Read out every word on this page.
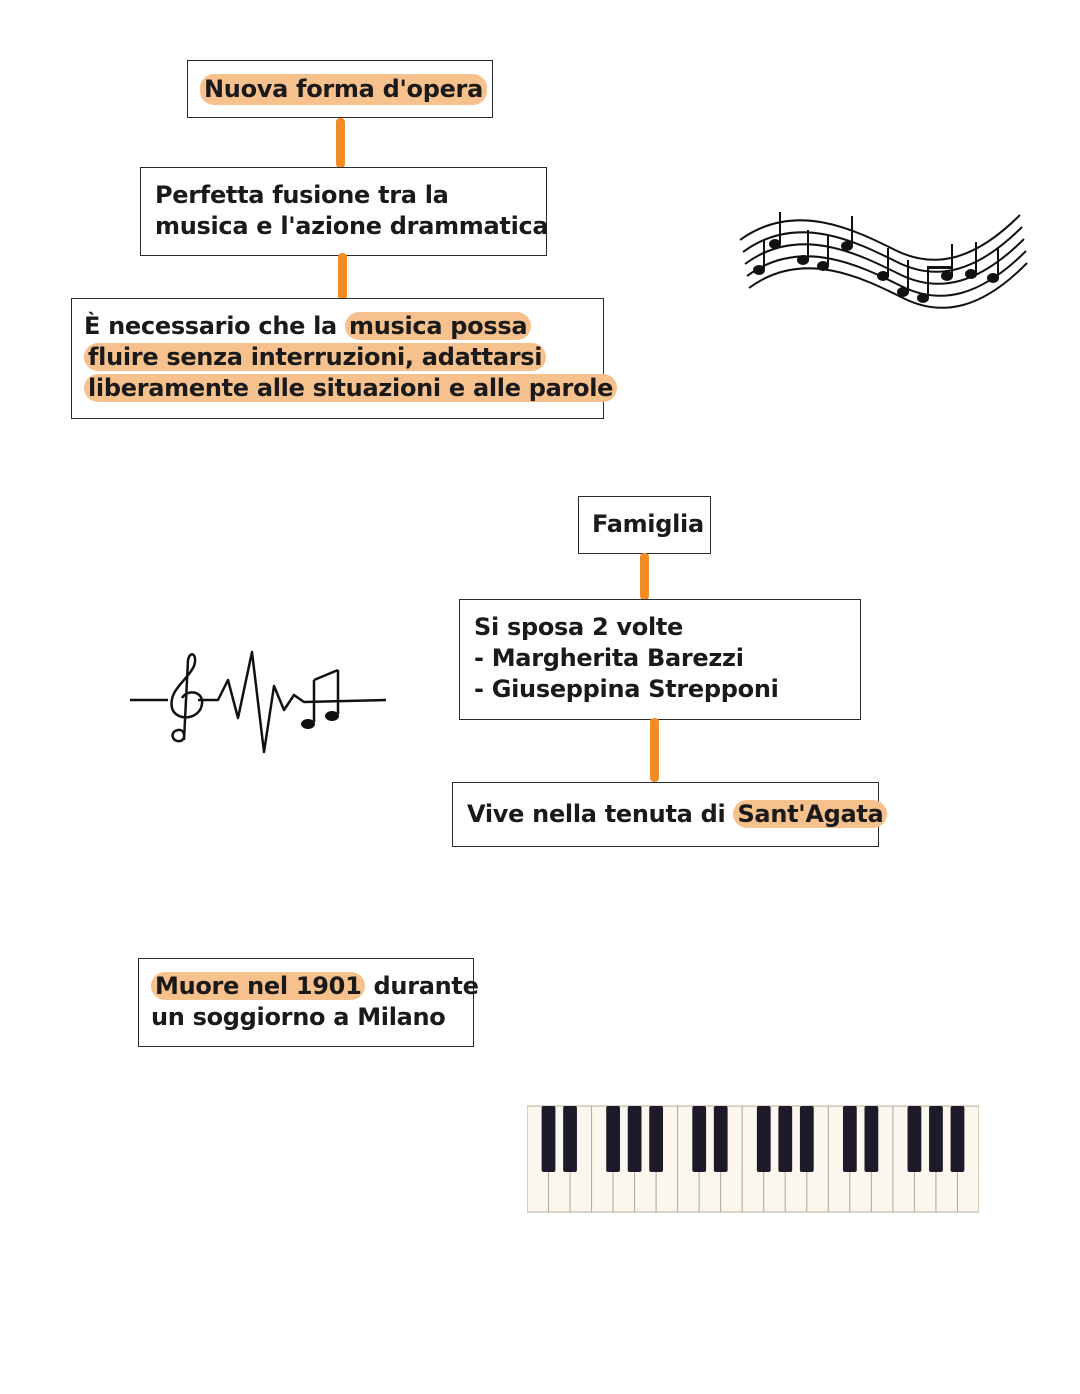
Nuova forma d'opera
Perfetta fusione tra la
musica e l'azione drammatica
È necessario che la musica possa
fluire senza interruzioni, adattarsi
liberamente alle situazioni e alle parole
Famiglia
Si sposa 2 volte
- Margherita Barezzi
- Giuseppina Strepponi
Vive nella tenuta di Sant'Agata
Muore nel 1901 durante
un soggiorno a Milano
